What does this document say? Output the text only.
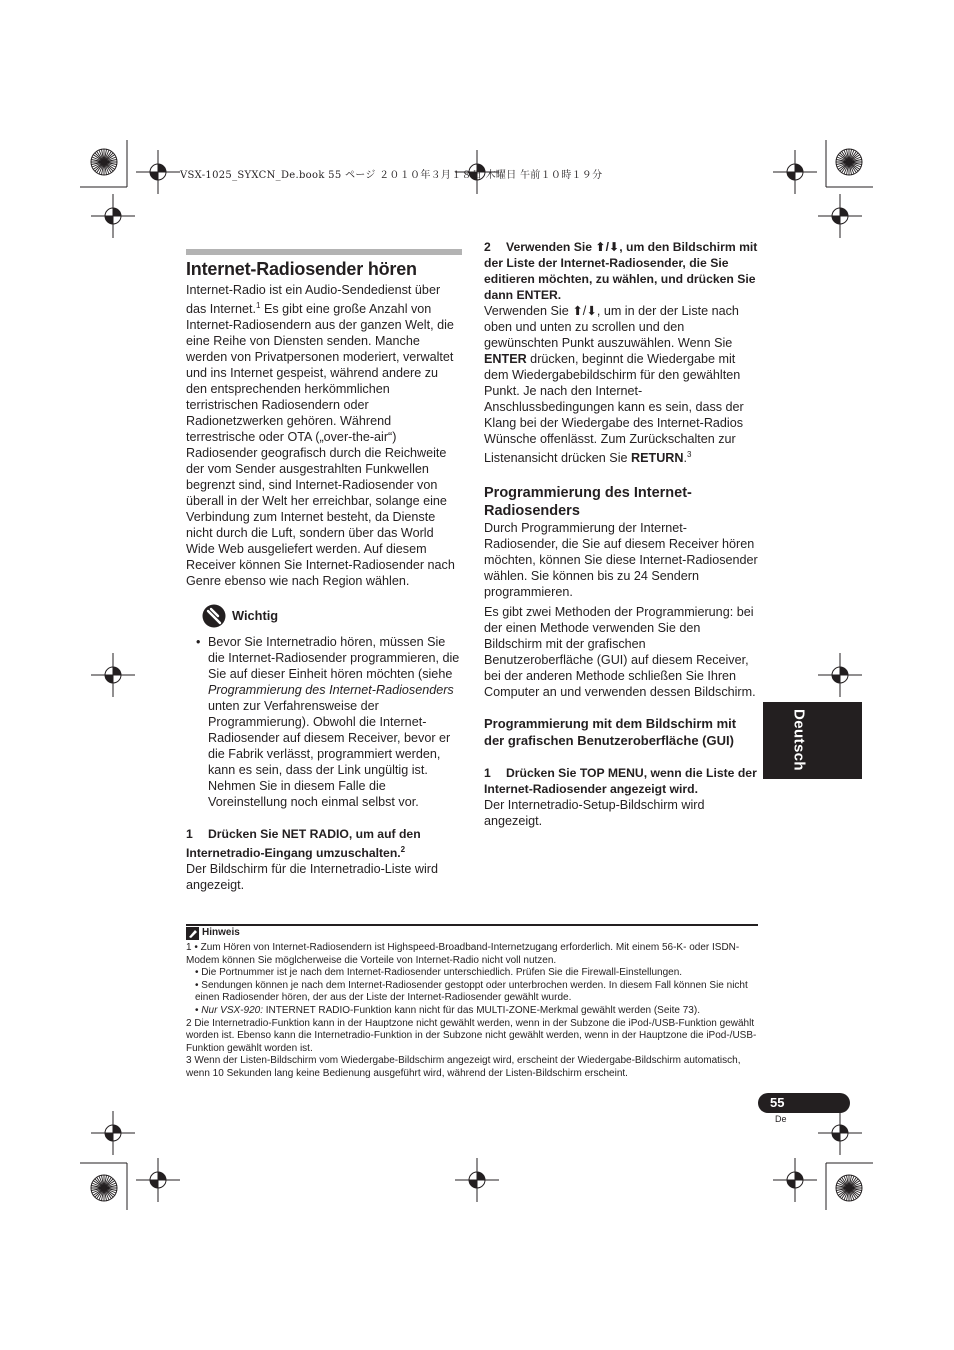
VSX-1025_SYXCN_De.book 55 ページ ２０１０年３月１８日 木曜日 午前１０時１９分
Internet-Radiosender hören

Internet-Radio ist ein Audio-Sendedienst über das Internet.$^1$ Es gibt eine große Anzahl von Internet-Radiosendern aus der ganzen Welt, die eine Reihe von Diensten senden. Manche werden von Privatpersonen moderiert, verwaltet und ins Internet gespeist, während andere zu den entsprechenden herkömmlichen terristrischen Radiosendern oder Radionetzwerken gehören. Während terrestrische oder OTA („over-the-air“) Radiosender geografisch durch die Reichweite der vom Sender ausgestrahlten Funkwellen begrenzt sind, sind Internet-Radiosender von überall in der Welt her erreichbar, solange eine Verbindung zum Internet besteht, da Dienste nicht durch die Luft, sondern über das World Wide Web ausgeliefert werden. Auf diesem Receiver können Sie Internet-Radiosender nach Genre ebenso wie nach Region wählen.

Wichtig
• Bevor Sie Internetradio hören, müssen Sie die Internet-Radiosender programmieren, die Sie auf dieser Einheit hören möchten (siehe Programmierung des Internet-Radiosenders unten zur Verfahrensweise der Programmierung). Obwohl die Internet-Radiosender auf diesem Receiver, bevor er die Fabrik verlässt, programmiert werden, kann es sein, dass der Link ungültig ist. Nehmen Sie in diesem Falle die Voreinstellung noch einmal selbst vor.

1 Drücken Sie NET RADIO, um auf den Internetradio-Eingang umzuschalten.$^2$

Der Bildschirm für die Internetradio-Liste wird angezeigt.

2 Verwenden Sie ⬆/⬇, um den Bildschirm mit der Liste der Internet-Radiosender, die Sie editieren möchten, zu wählen, und drücken Sie dann ENTER.

Verwenden Sie ⬆/⬇, um in der der Liste nach oben und unten zu scrollen und den gewünschten Punkt auszuwählen. Wenn Sie ENTER drücken, beginnt die Wiedergabe mit dem Wiedergabebildschirm für den gewählten Punkt. Je nach den Internet-Anschlussbedingungen kann es sein, dass der Klang bei der Wiedergabe des Internet-Radios Wünsche offenlässt. Zum Zurückschalten zur Listenansicht drücken Sie RETURN.$^3$

Programmierung des Internet-Radiosenders

Durch Programmierung der Internet-Radiosender, die Sie auf diesem Receiver hören möchten, können Sie diese Internet-Radiosender wählen. Sie können bis zu 24 Sendern programmieren.

Es gibt zwei Methoden der Programmierung: bei der einen Methode verwenden Sie den Bildschirm mit der grafischen Benutzeroberfläche (GUI) auf diesem Receiver, bei der anderen Methode schließen Sie Ihren Computer an und verwenden dessen Bildschirm.

Programmierung mit dem Bildschirm mit der grafischen Benutzeroberfläche (GUI)

1 Drücken Sie TOP MENU, wenn die Liste der Internet-Radiosender angezeigt wird.

Der Internetradio-Setup-Bildschirm wird angezeigt.

Deutsch
Hinweis

1 • Zum Hören von Internet-Radiosendern ist Highspeed-Broadband-Internetzugang erforderlich. Mit einem 56-K- oder ISDN-Modem können Sie möglcherweise die Vorteile von Internet-Radio nicht voll nutzen.

• Die Portnummer ist je nach dem Internet-Radiosender unterschiedlich. Prüfen Sie die Firewall-Einstellungen.

• Sendungen können je nach dem Internet-Radiosender gestoppt oder unterbrochen werden. In diesem Fall können Sie nicht einen Radiosender hören, der aus der Liste der Internet-Radiosender gewählt wurde.

• Nur VSX-920: INTERNET RADIO-Funktion kann nicht für das MULTI-ZONE-Merkmal gewählt werden (Seite 73).

2 Die Internetradio-Funktion kann in der Hauptzone nicht gewählt werden, wenn in der Subzone die iPod-/USB-Funktion gewählt worden ist. Ebenso kann die Internetradio-Funktion in der Subzone nicht gewählt werden, wenn in der Hauptzone die iPod-/USB-Funktion gewählt worden ist.

3 Wenn der Listen-Bildschirm vom Wiedergabe-Bildschirm angezeigt wird, erscheint der Wiedergabe-Bildschirm automatisch, wenn 10 Sekunden lang keine Bedienung ausgeführt wird, während der Listen-Bildschirm erscheint.

55
De
